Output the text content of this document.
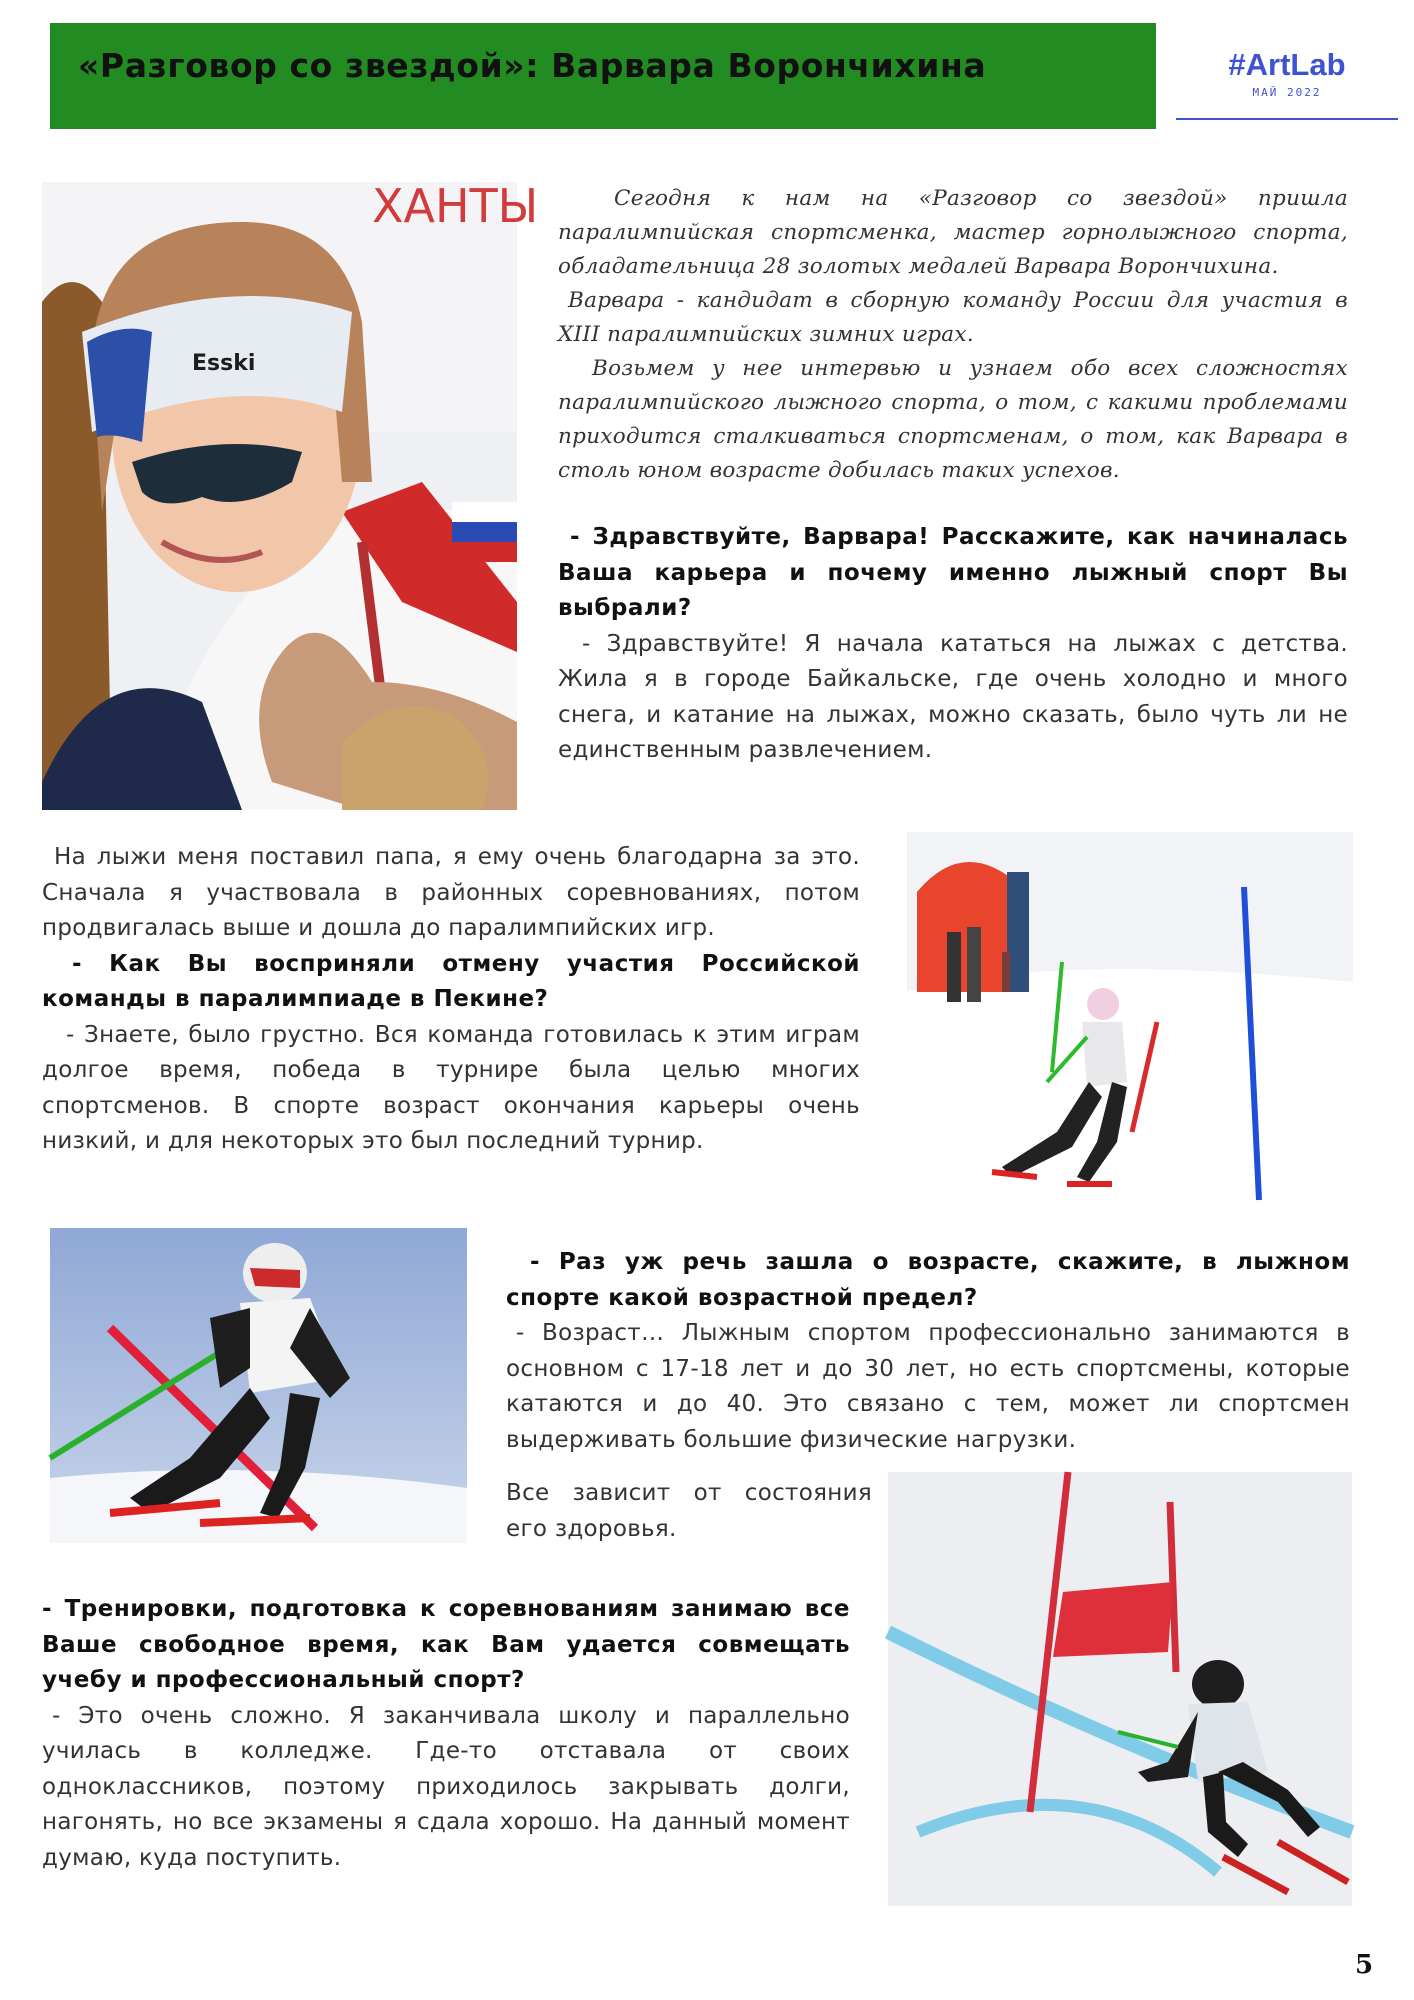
«Разговор со звездой»: Варвара Ворончихина	#ArtLab
МАЙ 2022
ХАНТЫ
Esski

Сегодня к нам на «Разговор со звездой» пришла паралимпийская спортсменка, мастер горнолыжного спорта, обладательница 28 золотых медалей Варвара Ворончихина.

Варвара - кандидат в сборную команду России для участия в XIII паралимпийских зимних играх.

Возьмем у нее интервью и узнаем обо всех сложностях паралимпийского лыжного спорта, о том, с какими проблемами приходится сталкиваться спортсменам, о том, как Варвара в столь юном возрасте добилась таких успехов.

- Здравствуйте, Варвара! Расскажите, как начиналась Ваша карьера и почему именно лыжный спорт Вы выбрали?

- Здравствуйте! Я начала кататься на лыжах с детства. Жила я в городе Байкальске, где очень холодно и много снега, и катание на лыжах, можно сказать, было чуть ли не единственным развлечением.

На лыжи меня поставил папа, я ему очень благодарна за это. Сначала я участвовала в районных соревнованиях, потом продвигалась выше и дошла до паралимпийских игр.

- Как Вы восприняли отмену участия Российской команды в паралимпиаде в Пекине?

- Знаете, было грустно. Вся команда готовилась к этим играм долгое время, победа в турнире была целью многих спортсменов. В спорте возраст окончания карьеры очень низкий, и для некоторых это был последний турнир.

- Раз уж речь зашла о возрасте, скажите, в лыжном спорте какой возрастной предел?

- Возраст… Лыжным спортом профессионально занимаются в основном с 17-18 лет и до 30 лет, но есть спортсмены, которые катаются и до 40. Это связано с тем, может ли спортсмен выдерживать большие физические нагрузки.

Все зависит от состояния его здоровья.

- Тренировки, подготовка к соревнованиям занимаю все Ваше свободное время, как Вам удается совмещать учебу и профессиональный спорт?

- Это очень сложно. Я заканчивала школу и параллельно училась в колледже. Где-то отставала от своих одноклассников, поэтому приходилось закрывать долги, нагонять, но все экзамены я сдала хорошо. На данный момент думаю, куда поступить.

5
